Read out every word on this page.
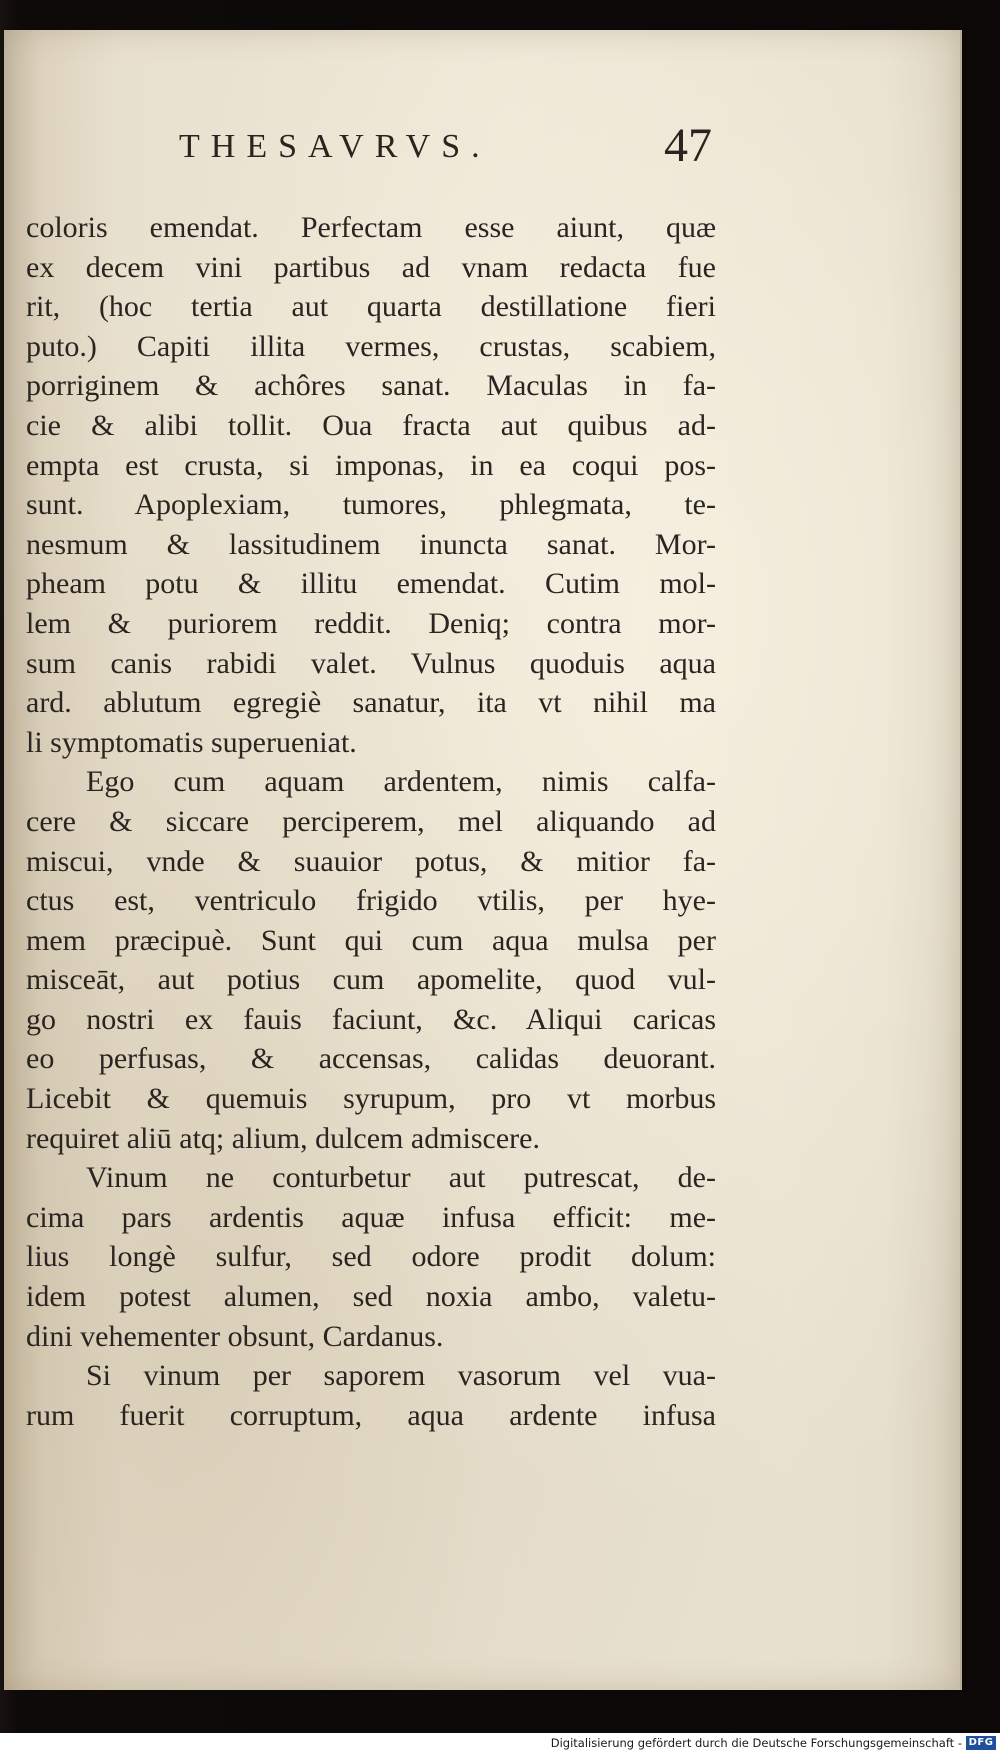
THESAVRVS.	47
coloris emendat. Perfectam esse aiunt, quæ
ex decem vini partibus ad vnam redacta fue
rit, (hoc tertia aut quarta destillatione fieri
puto.) Capiti illita vermes, crustas, scabiem,
porriginem & achôres sanat. Maculas in fa-
cie & alibi tollit. Oua fracta aut quibus ad-
empta est crusta, si imponas, in ea coqui pos-
sunt. Apoplexiam, tumores, phlegmata, te-
nesmum & lassitudinem inuncta sanat. Mor-
pheam potu & illitu emendat. Cutim mol-
lem & puriorem reddit. Deniq; contra mor-
sum canis rabidi valet. Vulnus quoduis aqua
ard. ablutum egregiè sanatur, ita vt nihil ma
li symptomatis superueniat.
Ego cum aquam ardentem, nimis calfa-
cere & siccare perciperem, mel aliquando ad
miscui, vnde & suauior potus, & mitior fa-
ctus est, ventriculo frigido vtilis, per hye-
mem præcipuè. Sunt qui cum aqua mulsa per
misceāt, aut potius cum apomelite, quod vul-
go nostri ex fauis faciunt, &c. Aliqui caricas
eo perfusas, & accensas, calidas deuorant.
Licebit & quemuis syrupum, pro vt morbus
requiret aliū atq; alium, dulcem admiscere.
Vinum ne conturbetur aut putrescat, de-
cima pars ardentis aquæ infusa efficit: me-
lius longè sulfur, sed odore prodit dolum:
idem potest alumen, sed noxia ambo, valetu-
dini vehementer obsunt, Cardanus.
Si vinum per saporem vasorum vel vua-
rum fuerit corruptum, aqua ardente infusa
Digitalisierung gefördert durch die Deutsche Forschungsgemeinschaft - DFG
